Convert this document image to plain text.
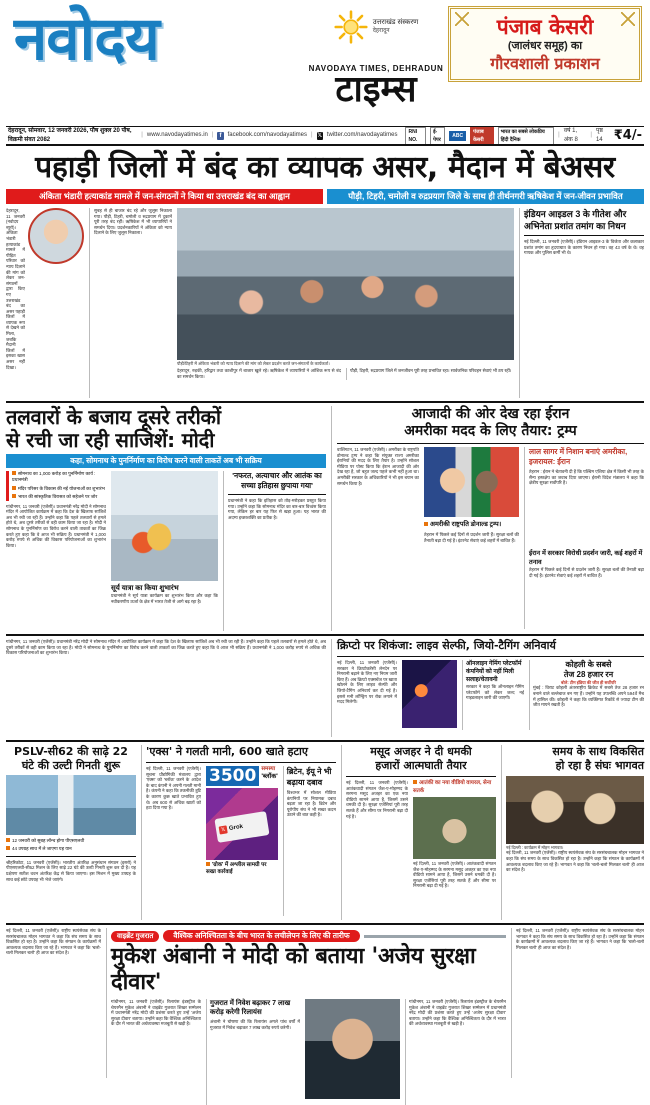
नवोदय	उत्तराखंड संस्करण
देहरादून
NAVODAYA TIMES, DEHRADUN
टाइम्स
पंजाब केसरी
(जालंधर समूह) का
गौरवशाली प्रकाशन
देहरादून, सोमवार, 12 जनवरी 2026, पौष शुक्ल 20 पौष, विक्रमी संवत 2082
| www.navodayatimes.in |	f	facebook.com/navodayatimes | 𝕏 twitter.com/navodayatimes
RNI NO.
ई-पेपर
ABC
पंजाब केसरी
भारत का सबसे लोकप्रिय हिंदी दैनिक
|
वर्ष 1, अंक 8
|
पृष्ठ 14 ₹4/-
पहाड़ी जिलों में बंद का व्यापक असर, मैदान में बेअसर
अंकिता भंडारी हत्याकांड मामले में जन-संगठनों ने किया था उत्तराखंड बंद का आह्वान	पौड़ी, टिहरी, चमोली व रुद्रप्रयाग जिले के साथ ही तीर्थनगरी ऋषिकेश में जन-जीवन प्रभावित

देहरादून, 11 जनवरी (नवोदय ब्यूरो)। अंकिता भंडारी हत्याकांड मामले में पीड़ित परिवार को न्याय दिलाने की मांग को लेकर जन-संगठनों द्वारा किए गए उत्तराखंड बंद का असर पहाड़ी जिलों में व्यापक रूप से देखने को मिला, जबकि मैदानी जिलों में इसका खास असर नहीं दिखा।

सुबह से ही बाजार बंद रहे और जुलूस निकाला गया। पौड़ी, टिहरी, चमोली व रुद्रप्रयाग में दुकानें पूरी तरह बंद रहीं। ऋषिकेश में भी व्यापारियों ने समर्थन दिया। प्रदर्शनकारियों ने अंकिता को न्याय दिलाने के लिए जुलूस निकाला।

पौड़ी/टिहरी में अंकिता भंडारी को न्याय दिलाने की मांग को लेकर प्रदर्शन करते जन-संगठनों के कार्यकर्ता।
देहरादून, रुड़की, हरिद्वार तथा काशीपुर में बाजार खुले रहे। ऋषिकेश में व्यापारियों ने आंशिक रूप से बंद का समर्थन किया।
पौड़ी, टिहरी, रुद्रप्रयाग जिले में जनजीवन पूरी तरह प्रभावित रहा। सार्वजनिक परिवहन सेवाएं भी ठप रहीं।
इंडियन आइडल 3 के गीतेश और अभिनेता प्रशांत तमांग का निधन
नई दिल्ली, 11 जनवरी (एजेंसी)। इंडियन आइडल-3 के विजेता और कलाकार प्रशांत तमांग का हृदयाघात के कारण निधन हो गया। वह 43 वर्ष के थे। वह गायक और पुलिस कर्मी भी थे।
तलवारों के बजाय दूसरे तरीकों
से रची जा रही साजिशें: मोदी
कहा, सोमनाथ के पुनर्निर्माण का विरोध करने वाली ताकतें अब भी सक्रिय
सोमनाथ का 1,000 करोड़ का पुनर्निर्माण कार्य : प्रधानमंत्री
मंदिर परिसर के विकास की नई योजनाओं का शुभारंभ
भारत की सांस्कृतिक विरासत को सहेजने पर जोर
गांधीनगर, 11 जनवरी (एजेंसी)। प्रधानमंत्री नरेंद्र मोदी ने सोमनाथ मंदिर में आयोजित कार्यक्रम में कहा कि देश के खिलाफ साजिशें अब भी रची जा रही हैं। उन्होंने कहा कि पहले तलवारों से हमले होते थे, अब दूसरे तरीकों से वही काम किया जा रहा है। मोदी ने सोमनाथ के पुनर्निर्माण का विरोध करने वाली ताकतों का जिक्र करते हुए कहा कि वे आज भी सक्रिय हैं। प्रधानमंत्री ने 1,000 करोड़ रुपये से अधिक की विकास परियोजनाओं का शुभारंभ किया।
सूर्य यात्रा का किया शुभारंभ
प्रधानमंत्री ने सूर्य यात्रा कार्यक्रम का शुभारंभ किया और कहा कि नवीकरणीय ऊर्जा के क्षेत्र में भारत तेजी से आगे बढ़ रहा है।
'नफरत, अत्याचार और आतंक का सच्चा इतिहास छुपाया गया'
प्रधानमंत्री ने कहा कि इतिहास को तोड़-मरोड़कर प्रस्तुत किया गया। उन्होंने कहा कि सोमनाथ मंदिर का बार-बार विध्वंस किया गया, लेकिन हर बार यह फिर से खड़ा हुआ। यह भारत की अदम्य इच्छाशक्ति का प्रतीक है।
आजादी की ओर देख रहा ईरान
अमरीका मदद के लिए तैयार: ट्रम्प
वाशिंगटन, 11 जनवरी (एजेंसी)। अमरीका के राष्ट्रपति डोनाल्ड ट्रम्प ने कहा कि संयुक्त राज्य अमरीका ईरानियों की मदद के लिए तैयार है। उन्होंने सोशल मीडिया पर पोस्ट किया कि ईरान आजादी की ओर देख रहा है, जो बहुत जल्द पहले कभी नहीं हुआ था। अमरीकी सरकार के अधिकारियों ने भी इस बयान का समर्थन किया है।
अमरीकी राष्ट्रपति डोनाल्ड ट्रम्प।
तेहरान में पिछले कई दिनों से प्रदर्शन जारी हैं। सुरक्षा बलों की तैनाती बढ़ा दी गई है। इंटरनेट सेवाएं कई शहरों में बाधित हैं।
लाल सागर में निशान बनाएं अमरीका, इजरायल: ईरान
तेहरान : ईरान ने चेतावनी दी है कि पश्चिम एशिया क्षेत्र में किसी भी तरह के सैन्य हस्तक्षेप का जवाब दिया जाएगा। ईरानी विदेश मंत्रालय ने कहा कि क्षेत्रीय सुरक्षा सर्वोपरि है।
ईरान में सरकार विरोधी प्रदर्शन जारी, कई शहरों में तनाव
तेहरान में पिछले कई दिनों से प्रदर्शन जारी हैं। सुरक्षा बलों की तैनाती बढ़ा दी गई है। इंटरनेट सेवाएं कई शहरों में बाधित हैं।
गांधीनगर, 11 जनवरी (एजेंसी)। प्रधानमंत्री नरेंद्र मोदी ने सोमनाथ मंदिर में आयोजित कार्यक्रम में कहा कि देश के खिलाफ साजिशें अब भी रची जा रही हैं। उन्होंने कहा कि पहले तलवारों से हमले होते थे, अब दूसरे तरीकों से वही काम किया जा रहा है। मोदी ने सोमनाथ के पुनर्निर्माण का विरोध करने वाली ताकतों का जिक्र करते हुए कहा कि वे आज भी सक्रिय हैं। प्रधानमंत्री ने 1,000 करोड़ रुपये से अधिक की विकास परियोजनाओं का शुभारंभ किया।
क्रिप्टो पर शिकंजा: लाइव सेल्फी, जियो-टैगिंग अनिवार्य
नई दिल्ली, 11 जनवरी (एजेंसी)। सरकार ने क्रिप्टोकरेंसी लेनदेन पर निगरानी बढ़ाने के लिए नए नियम जारी किए हैं। अब क्रिप्टो एक्सचेंज पर खाता खोलने के लिए लाइव सेल्फी और जियो-टैगिंग अनिवार्य कर दी गई है। इससे मनी लॉन्ड्रिंग पर रोक लगाने में मदद मिलेगी।
ऑनलाइन गेमिंग प्लेटफॉर्म कंपनियों को नहीं मिली सलाह/चेतावनी
सरकार ने कहा कि ऑनलाइन गेमिंग प्लेटफॉर्म को लेकर जल्द नई गाइडलाइन जारी की जाएगी।
कोहली के सबसे
तेज 28 हजार रन
बोले: टीम इंडिया की जीत ही सर्वोपरि
मुंबई : विराट कोहली अंतरराष्ट्रीय क्रिकेट में सबसे तेज 28 हजार रन बनाने वाले बल्लेबाज बन गए हैं। उन्होंने यह उपलब्धि अपने 594वें मैच में हासिल की। कोहली ने कहा कि व्यक्तिगत रिकॉर्ड से ज्यादा टीम की जीत मायने रखती है।
PSLV-सी62 की साढ़े 22
घंटे की उल्टी गिनती शुरू
12 जनवरी को सुबह लॉन्च होगा पीएसएलवी
44 उपग्रह साथ में ले जाएगा यह यान
श्रीहरिकोटा, 11 जनवरी (एजेंसी)। भारतीय अंतरिक्ष अनुसंधान संगठन (इसरो) ने पीएसएलवी-सी62 मिशन के लिए साढ़े 22 घंटे की उल्टी गिनती शुरू कर दी है। यह प्रक्षेपण सतीश धवन अंतरिक्ष केंद्र से किया जाएगा। इस मिशन में मुख्य उपग्रह के साथ कई छोटे उपग्रह भी भेजे जाएंगे।
'एक्स' ने गलती मानी, 600 खाते हटाए
नई दिल्ली, 11 जनवरी (एजेंसी)। सूचना प्रौद्योगिकी मंत्रालय द्वारा 'एक्स' को 'ब्लॉक' करने के आदेश के बाद कंपनी ने अपनी गलती मानी है। कंपनी ने कहा कि तकनीकी त्रुटि के कारण कुछ खाते प्रभावित हुए थे। अब 600 से अधिक खातों को हटा दिया गया है।
3500 समस्या
'ब्लॉक'
𝕏 Grok
'ग्रोक' में अश्लील सामग्री पर सख्त कार्रवाई
ब्रिटेन, ईयू ने भी बढ़ाया दबाव
विश्वभर में सोशल मीडिया कंपनियों पर नियामक दबाव बढ़ता जा रहा है। ब्रिटेन और यूरोपीय संघ ने भी सख्त कदम उठाने की बात कही है।
मसूद अजहर ने दी धमकी
हजारों आत्मघाती तैयार
नई दिल्ली, 11 जनवरी (एजेंसी)। आतंकवादी संगठन जैश-ए-मोहम्मद के सरगना मसूद अजहर का एक नया वीडियो सामने आया है, जिसमें उसने धमकी दी है। सुरक्षा एजेंसियां पूरी तरह सतर्क हैं और सीमा पर निगरानी बढ़ा दी गई है।
आतंकी का नया वीडियो वायरल, सेना सतर्क
नई दिल्ली, 11 जनवरी (एजेंसी)। आतंकवादी संगठन जैश-ए-मोहम्मद के सरगना मसूद अजहर का एक नया वीडियो सामने आया है, जिसमें उसने धमकी दी है। सुरक्षा एजेंसियां पूरी तरह सतर्क हैं और सीमा पर निगरानी बढ़ा दी गई है।
समय के साथ विकसित
हो रहा है संघः भागवत
नई दिल्ली : कार्यक्रम में मोहन भागवत।
नई दिल्ली, 11 जनवरी (एजेंसी)। राष्ट्रीय स्वयंसेवक संघ के सरसंघचालक मोहन भागवत ने कहा कि संघ समय के साथ विकसित हो रहा है। उन्होंने कहा कि संगठन के कार्यक्रमों में आवश्यक बदलाव किए जा रहे हैं। भागवत ने कहा कि 'चलो-चलो मिलकर चलो' ही आज का संदेश है।
नई दिल्ली, 11 जनवरी (एजेंसी)। राष्ट्रीय स्वयंसेवक संघ के सरसंघचालक मोहन भागवत ने कहा कि संघ समय के साथ विकसित हो रहा है। उन्होंने कहा कि संगठन के कार्यक्रमों में आवश्यक बदलाव किए जा रहे हैं। भागवत ने कहा कि 'चलो-चलो मिलकर चलो' ही आज का संदेश है।
वाइब्रेंट गुजरात	वैश्विक अनिश्चितता के बीच भारत के लचीलेपन के लिए की तारीफ
मुकेश अंबानी ने मोदी को बताया 'अजेय सुरक्षा दीवार'
गांधीनगर, 11 जनवरी (एजेंसी)। रिलायंस इंडस्ट्रीज के चेयरमैन मुकेश अंबानी ने वाइब्रेंट गुजरात शिखर सम्मेलन में प्रधानमंत्री नरेंद्र मोदी की प्रशंसा करते हुए उन्हें 'अजेय सुरक्षा दीवार' बताया। उन्होंने कहा कि वैश्विक अनिश्चितता के दौर में भारत की अर्थव्यवस्था मजबूती से खड़ी है।
गुजरात में निवेश बढ़ाकर 7 लाख करोड़ करेगी रिलायंस
अंबानी ने घोषणा की कि रिलायंस अगले पांच वर्षों में गुजरात में निवेश बढ़ाकर 7 लाख करोड़ रुपये करेगी।
गांधीनगर, 11 जनवरी (एजेंसी)। रिलायंस इंडस्ट्रीज के चेयरमैन मुकेश अंबानी ने वाइब्रेंट गुजरात शिखर सम्मेलन में प्रधानमंत्री नरेंद्र मोदी की प्रशंसा करते हुए उन्हें 'अजेय सुरक्षा दीवार' बताया। उन्होंने कहा कि वैश्विक अनिश्चितता के दौर में भारत की अर्थव्यवस्था मजबूती से खड़ी है।
नई दिल्ली, 11 जनवरी (एजेंसी)। राष्ट्रीय स्वयंसेवक संघ के सरसंघचालक मोहन भागवत ने कहा कि संघ समय के साथ विकसित हो रहा है। उन्होंने कहा कि संगठन के कार्यक्रमों में आवश्यक बदलाव किए जा रहे हैं। भागवत ने कहा कि 'चलो-चलो मिलकर चलो' ही आज का संदेश है।
